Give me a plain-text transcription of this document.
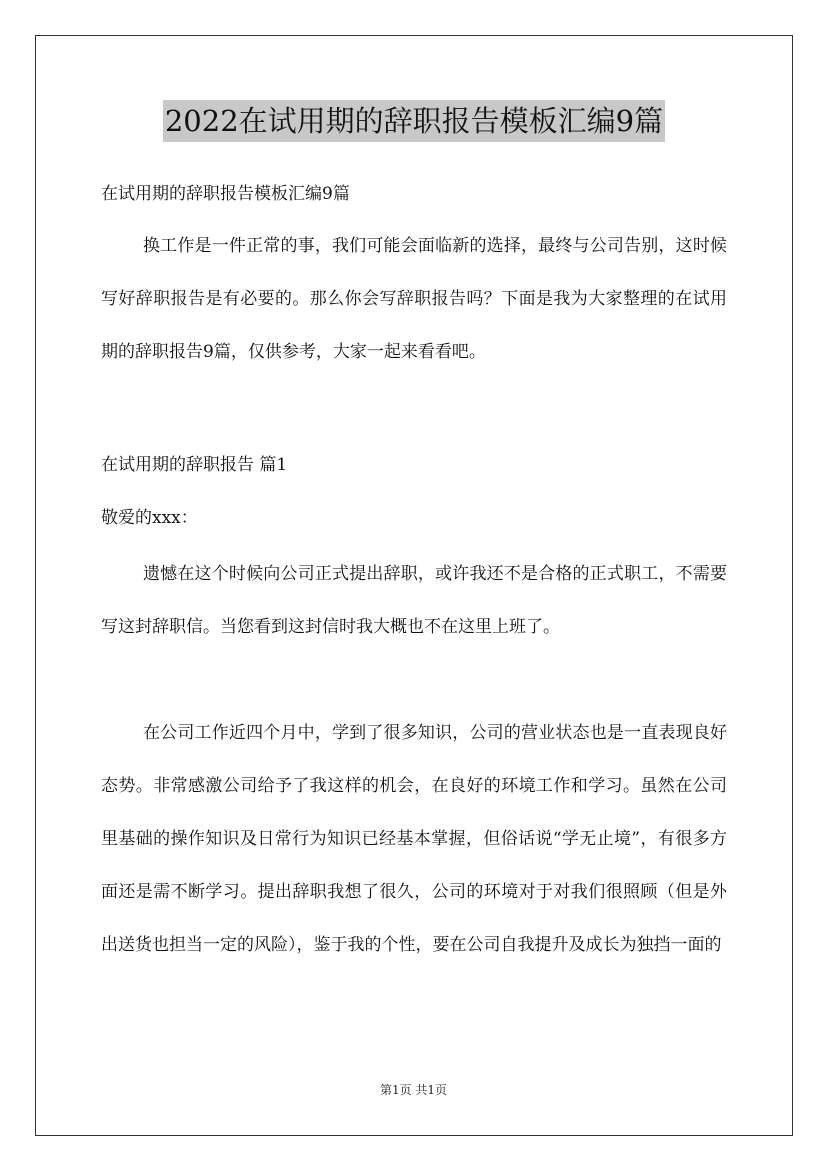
2022在试用期的辞职报告模板汇编9篇
在试用期的辞职报告模板汇编9篇
换工作是一件正常的事，我们可能会面临新的选择，最终与公司告别，这时候写好辞职报告是有必要的。那么你会写辞职报告吗？下面是我为大家整理的在试用期的辞职报告9篇，仅供参考，大家一起来看看吧。
在试用期的辞职报告 篇1
敬爱的xxx：
遗憾在这个时候向公司正式提出辞职，或许我还不是合格的正式职工，不需要写这封辞职信。当您看到这封信时我大概也不在这里上班了。
在公司工作近四个月中，学到了很多知识，公司的营业状态也是一直表现良好态势。非常感激公司给予了我这样的机会，在良好的环境工作和学习。虽然在公司里基础的操作知识及日常行为知识已经基本掌握，但俗话说“学无止境”，有很多方面还是需不断学习。提出辞职我想了很久，公司的环境对于对我们很照顾（但是外出送货也担当一定的风险），鉴于我的个性，要在公司自我提升及成长为独挡一面的
第1页 共1页
